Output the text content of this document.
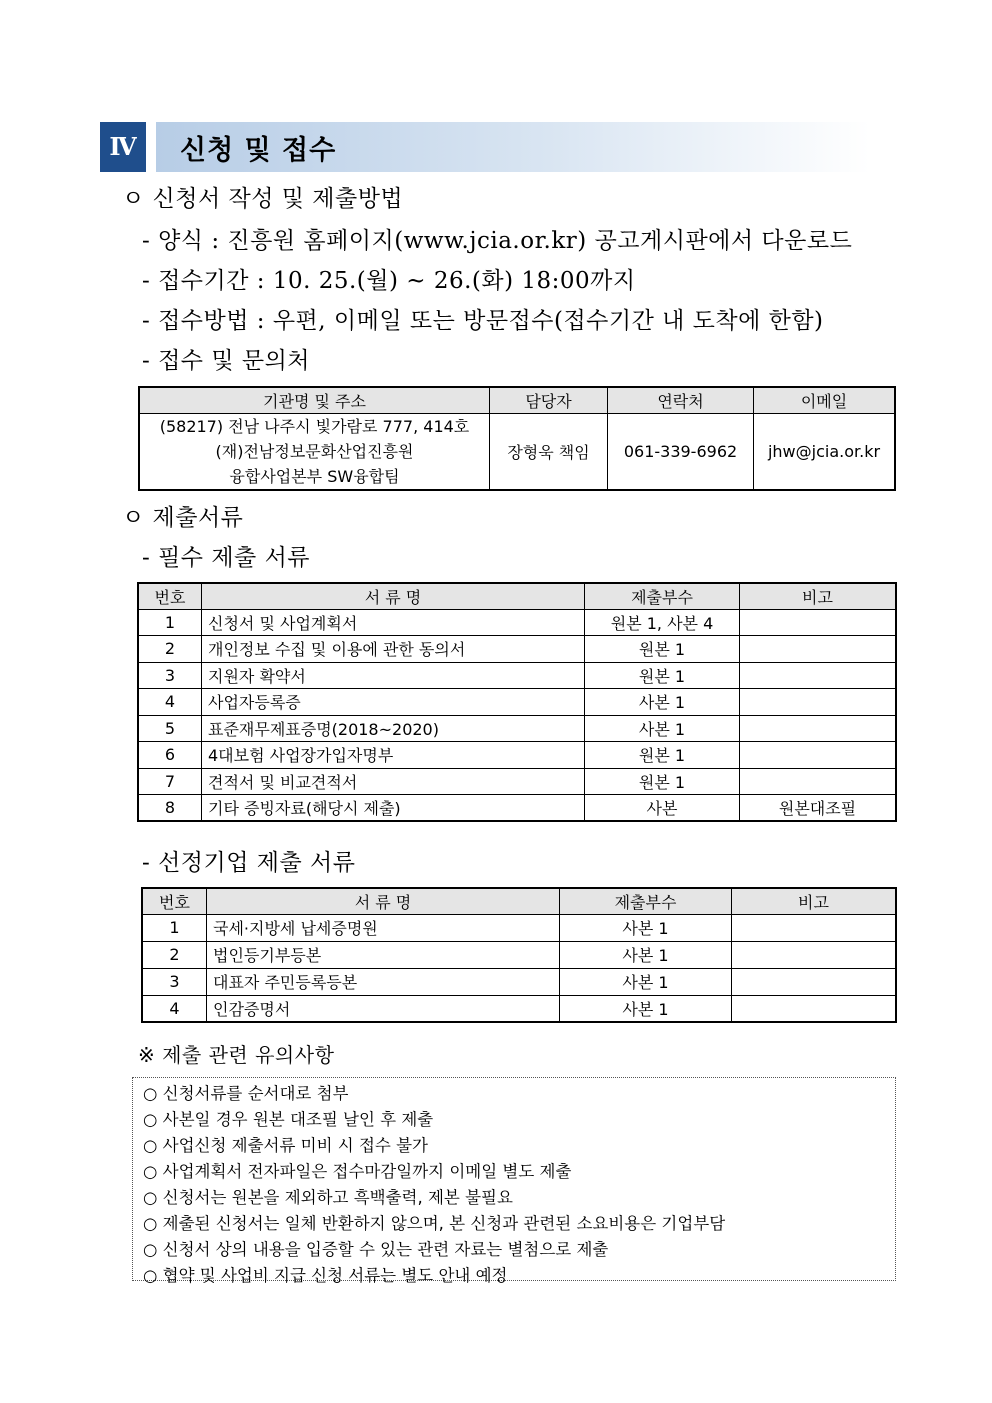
Ⅳ	신청 및 접수
ㅇ 신청서 작성 및 제출방법
- 양식 : 진흥원 홈페이지(www.jcia.or.kr) 공고게시판에서 다운로드
- 접수기간 : 10. 25.(월) ~ 26.(화) 18:00까지
- 접수방법 : 우편, 이메일 또는 방문접수(접수기간 내 도착에 한함)
- 접수 및 문의처
기관명 및 주소	담당자	연락처	이메일

(58217) 전남 나주시 빛가람로 777, 414호
(재)전남정보문화산업진흥원
융합사업본부 SW융합팀	장형욱 책임	061-339-6962	jhw@jcia.or.kr
ㅇ 제출서류
- 필수 제출 서류
번호	서 류 명	제출부수	비고
1	신청서 및 사업계획서	원본 1, 사본 4	
2	개인정보 수집 및 이용에 관한 동의서	원본 1	
3	지원자 확약서	원본 1	
4	사업자등록증	사본 1	
5	표준재무제표증명(2018~2020)	사본 1	
6	4대보험 사업장가입자명부	원본 1	
7	견적서 및 비교견적서	원본 1	
8	기타 증빙자료(해당시 제출)	사본	원본대조필
- 선정기업 제출 서류
번호	서 류 명	제출부수	비고
1	국세·지방세 납세증명원	사본 1	
2	법인등기부등본	사본 1	
3	대표자 주민등록등본	사본 1	
4	인감증명서	사본 1	
※ 제출 관련 유의사항
○ 신청서류를 순서대로 첨부
○ 사본일 경우 원본 대조필 날인 후 제출
○ 사업신청 제출서류 미비 시 접수 불가
○ 사업계획서 전자파일은 접수마감일까지 이메일 별도 제출
○ 신청서는 원본을 제외하고 흑백출력, 제본 불필요
○ 제출된 신청서는 일체 반환하지 않으며, 본 신청과 관련된 소요비용은 기업부담
○ 신청서 상의 내용을 입증할 수 있는 관련 자료는 별첨으로 제출
○ 협약 및 사업비 지급 신청 서류는 별도 안내 예정
